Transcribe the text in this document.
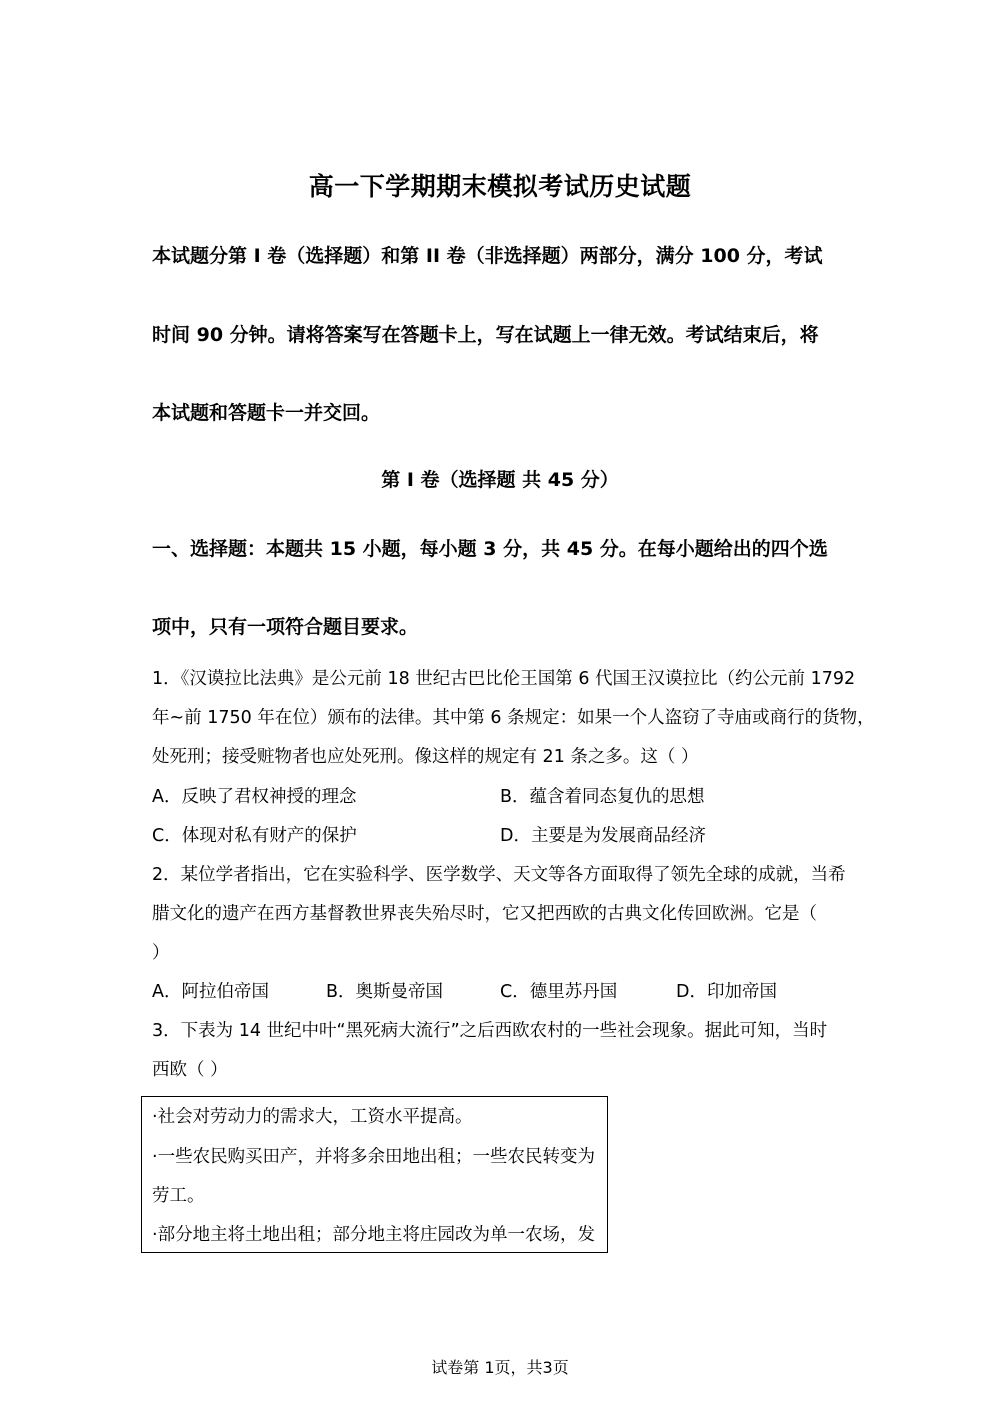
高一下学期期末模拟考试历史试题
本试题分第 I 卷（选择题）和第 II 卷（非选择题）两部分，满分 100 分，考试
时间 90 分钟。请将答案写在答题卡上，写在试题上一律无效。考试结束后，将
本试题和答题卡一并交回。
第 I 卷（选择题 共 45 分）
一、选择题：本题共 15 小题，每小题 3 分，共 45 分。在每小题给出的四个选
项中，只有一项符合题目要求。
1．《汉谟拉比法典》是公元前 18 世纪古巴比伦王国第 6 代国王汉谟拉比（约公元前 1792
年~前 1750 年在位）颁布的法律。其中第 6 条规定：如果一个人盗窃了寺庙或商行的货物，
处死刑；接受赃物者也应处死刑。像这样的规定有 21 条之多。这（ ）
A．反映了君权神授的理念	B．蕴含着同态复仇的思想
C．体现对私有财产的保护	D．主要是为发展商品经济
2．某位学者指出，它在实验科学、医学数学、天文等各方面取得了领先全球的成就，当希
腊文化的遗产在西方基督教世界丧失殆尽时，它又把西欧的古典文化传回欧洲。它是（
）
A．阿拉伯帝国	B．奥斯曼帝国	C．德里苏丹国	D．印加帝国
3．下表为 14 世纪中叶“黑死病大流行”之后西欧农村的一些社会现象。据此可知，当时
西欧（ ）
·社会对劳动力的需求大，工资水平提高。
·一些农民购买田产，并将多余田地出租；一些农民转变为
劳工。
·部分地主将土地出租；部分地主将庄园改为单一农场，发
试卷第 1页，共3页
